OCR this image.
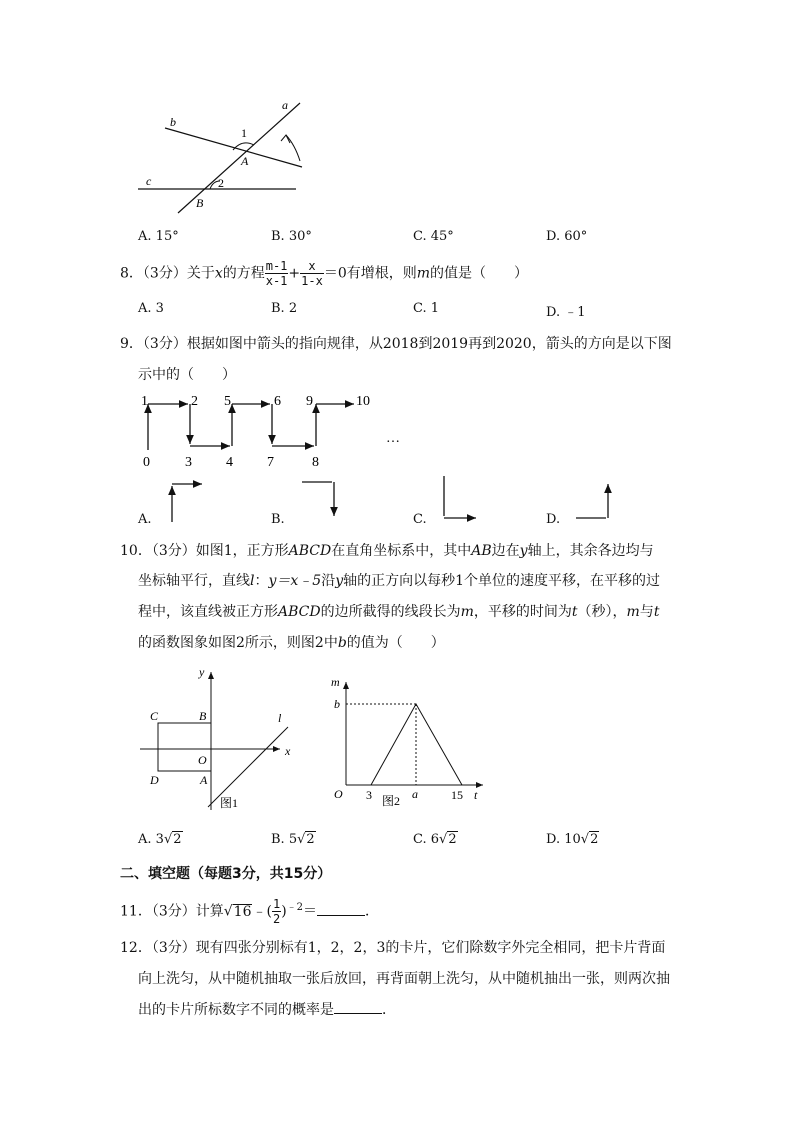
a
b
c
1
2
A
B
A. 15°	B. 30°	C. 45°	D. 60°
8．（3分）关于x的方程 $\frac{m-1}{x-1} + \frac{x}{1-x} =0$有增根，则m的值是（　　）
A. 3	B. 2	C. 1	D. ﹣1
9．（3分）根据如图中箭头的指向规律，从2018到2019再到2020，箭头的方向是以下图
示中的（　　）
0
1	2
3 4
5	6
7	8
9	10
…
A.	B.	C.	D.
10．（3分）如图1，正方形ABCD在直角坐标系中，其中AB边在y轴上，其余各边均与
坐标轴平行，直线l：y＝x﹣5沿y轴的正方向以每秒1个单位的速度平移，在平移的过
程中，该直线被正方形ABCD的边所截得的线段长为m，平移的时间为t（秒），m与t
的函数图象如图2所示，则图2中b的值为（　　）
y
x
l
C	B
O
D	A
图1
m
b
O 3	a	15 t
图2
A. 3√2	B. 5√2	C. 6√2	D. 10√2
二、填空题（每题3分，共15分）
11．（3分）计算√16﹣( $\frac{1}{2} )^{﹣2}=$	．
12．（3分）现有四张分别标有1，2，2，3的卡片，它们除数字外完全相同，把卡片背面
向上洗匀，从中随机抽取一张后放回，再背面朝上洗匀，从中随机抽出一张，则两次抽
出的卡片所标数字不同的概率是	．
